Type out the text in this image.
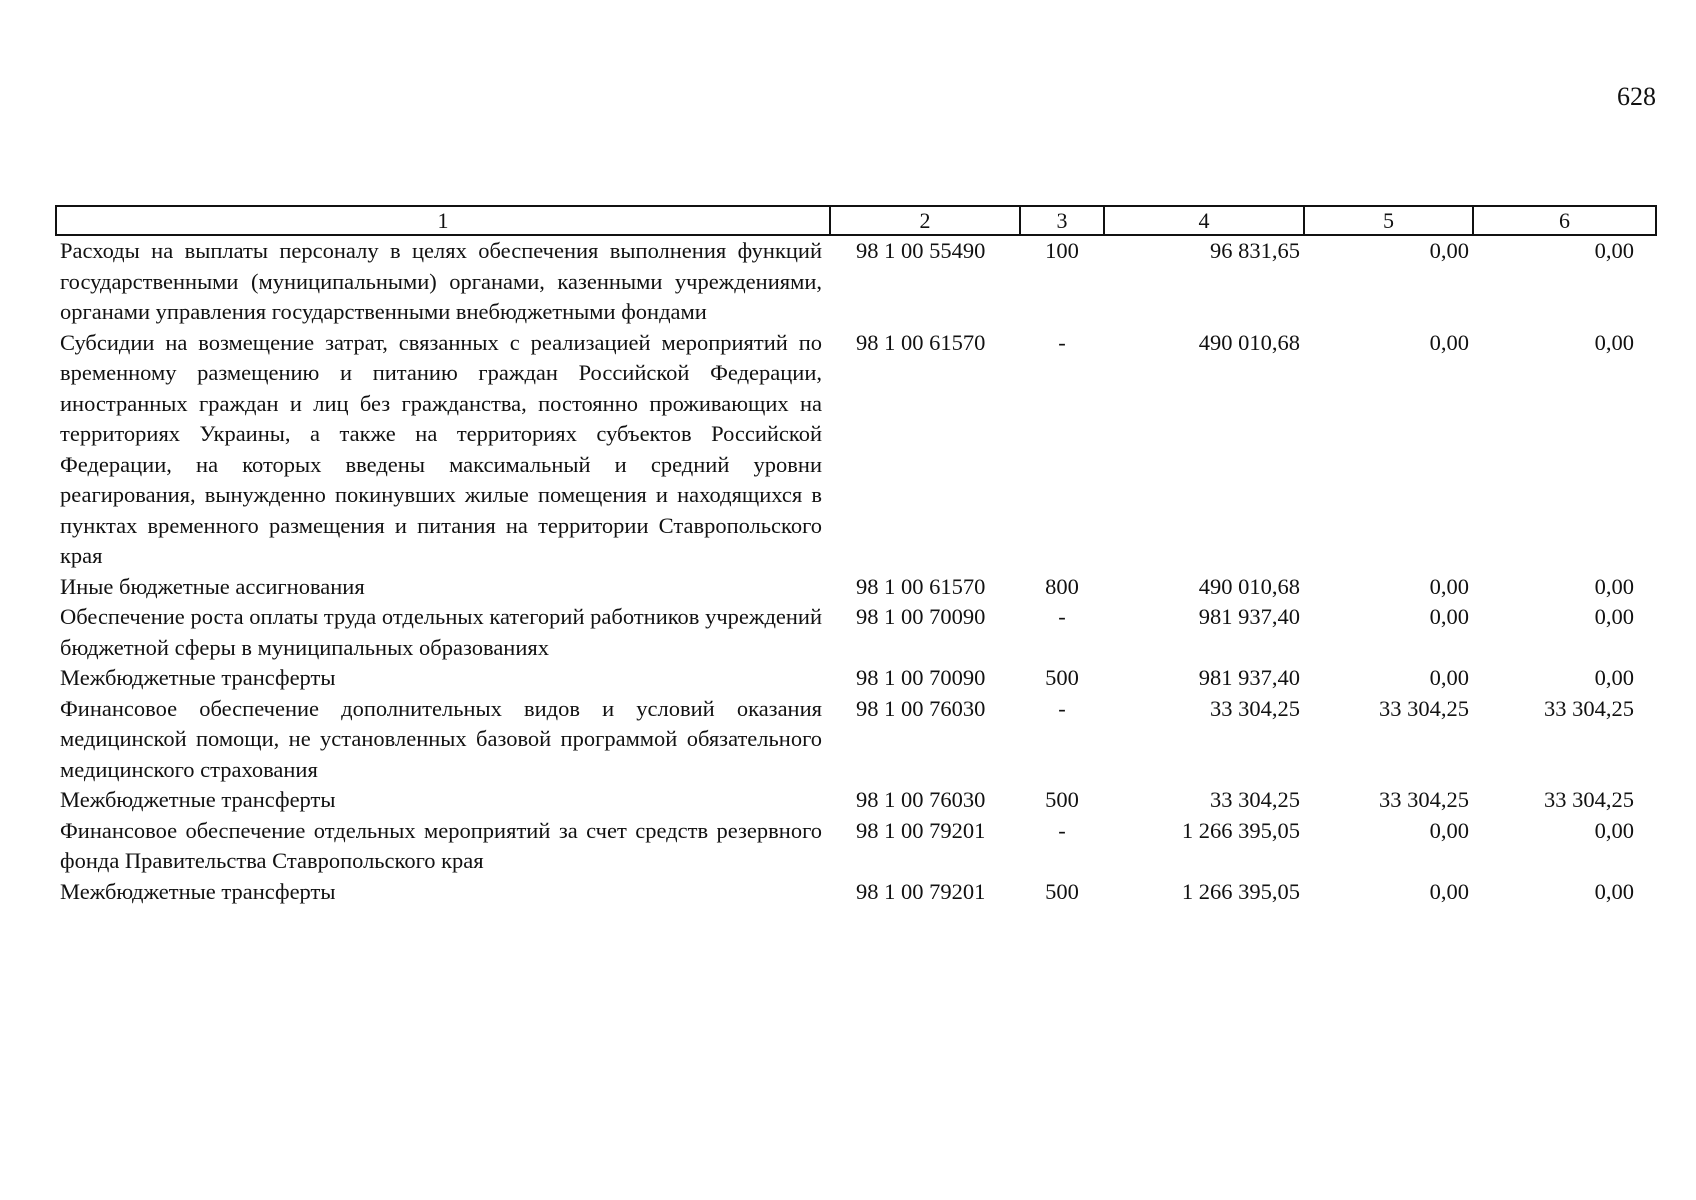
628
1	2	3	4	5	6
Расходы на выплаты персоналу в целях обеспечения выполнения функций государственными (муниципальными) органами, казенными учреждениями, органами управления государственными внебюджетными фондами	98 1 00 55490	100	96 831,65	0,00	0,00
Субсидии на возмещение затрат, связанных с реализацией мероприятий по временному размещению и питанию граждан Российской Федерации, иностранных граждан и лиц без гражданства, постоянно проживающих на территориях Украины, а также на территориях субъектов Российской Федерации, на которых введены максимальный и средний уровни реагирования, вынужденно покинувших жилые помещения и находящихся в пунктах временного размещения и питания на территории Ставропольского края	98 1 00 61570	-	490 010,68	0,00	0,00
Иные бюджетные ассигнования	98 1 00 61570	800	490 010,68	0,00	0,00
Обеспечение роста оплаты труда отдельных категорий работников учреждений бюджетной сферы в муниципальных образованиях	98 1 00 70090	-	981 937,40	0,00	0,00
Межбюджетные трансферты	98 1 00 70090	500	981 937,40	0,00	0,00
Финансовое обеспечение дополнительных видов и условий оказания медицинской помощи, не установленных базовой программой обязательного медицинского страхования	98 1 00 76030	-	33 304,25	33 304,25	33 304,25
Межбюджетные трансферты	98 1 00 76030	500	33 304,25	33 304,25	33 304,25
Финансовое обеспечение отдельных мероприятий за счет средств резервного фонда Правительства Ставропольского края	98 1 00 79201	-	1 266 395,05	0,00	0,00
Межбюджетные трансферты	98 1 00 79201	500	1 266 395,05	0,00	0,00
